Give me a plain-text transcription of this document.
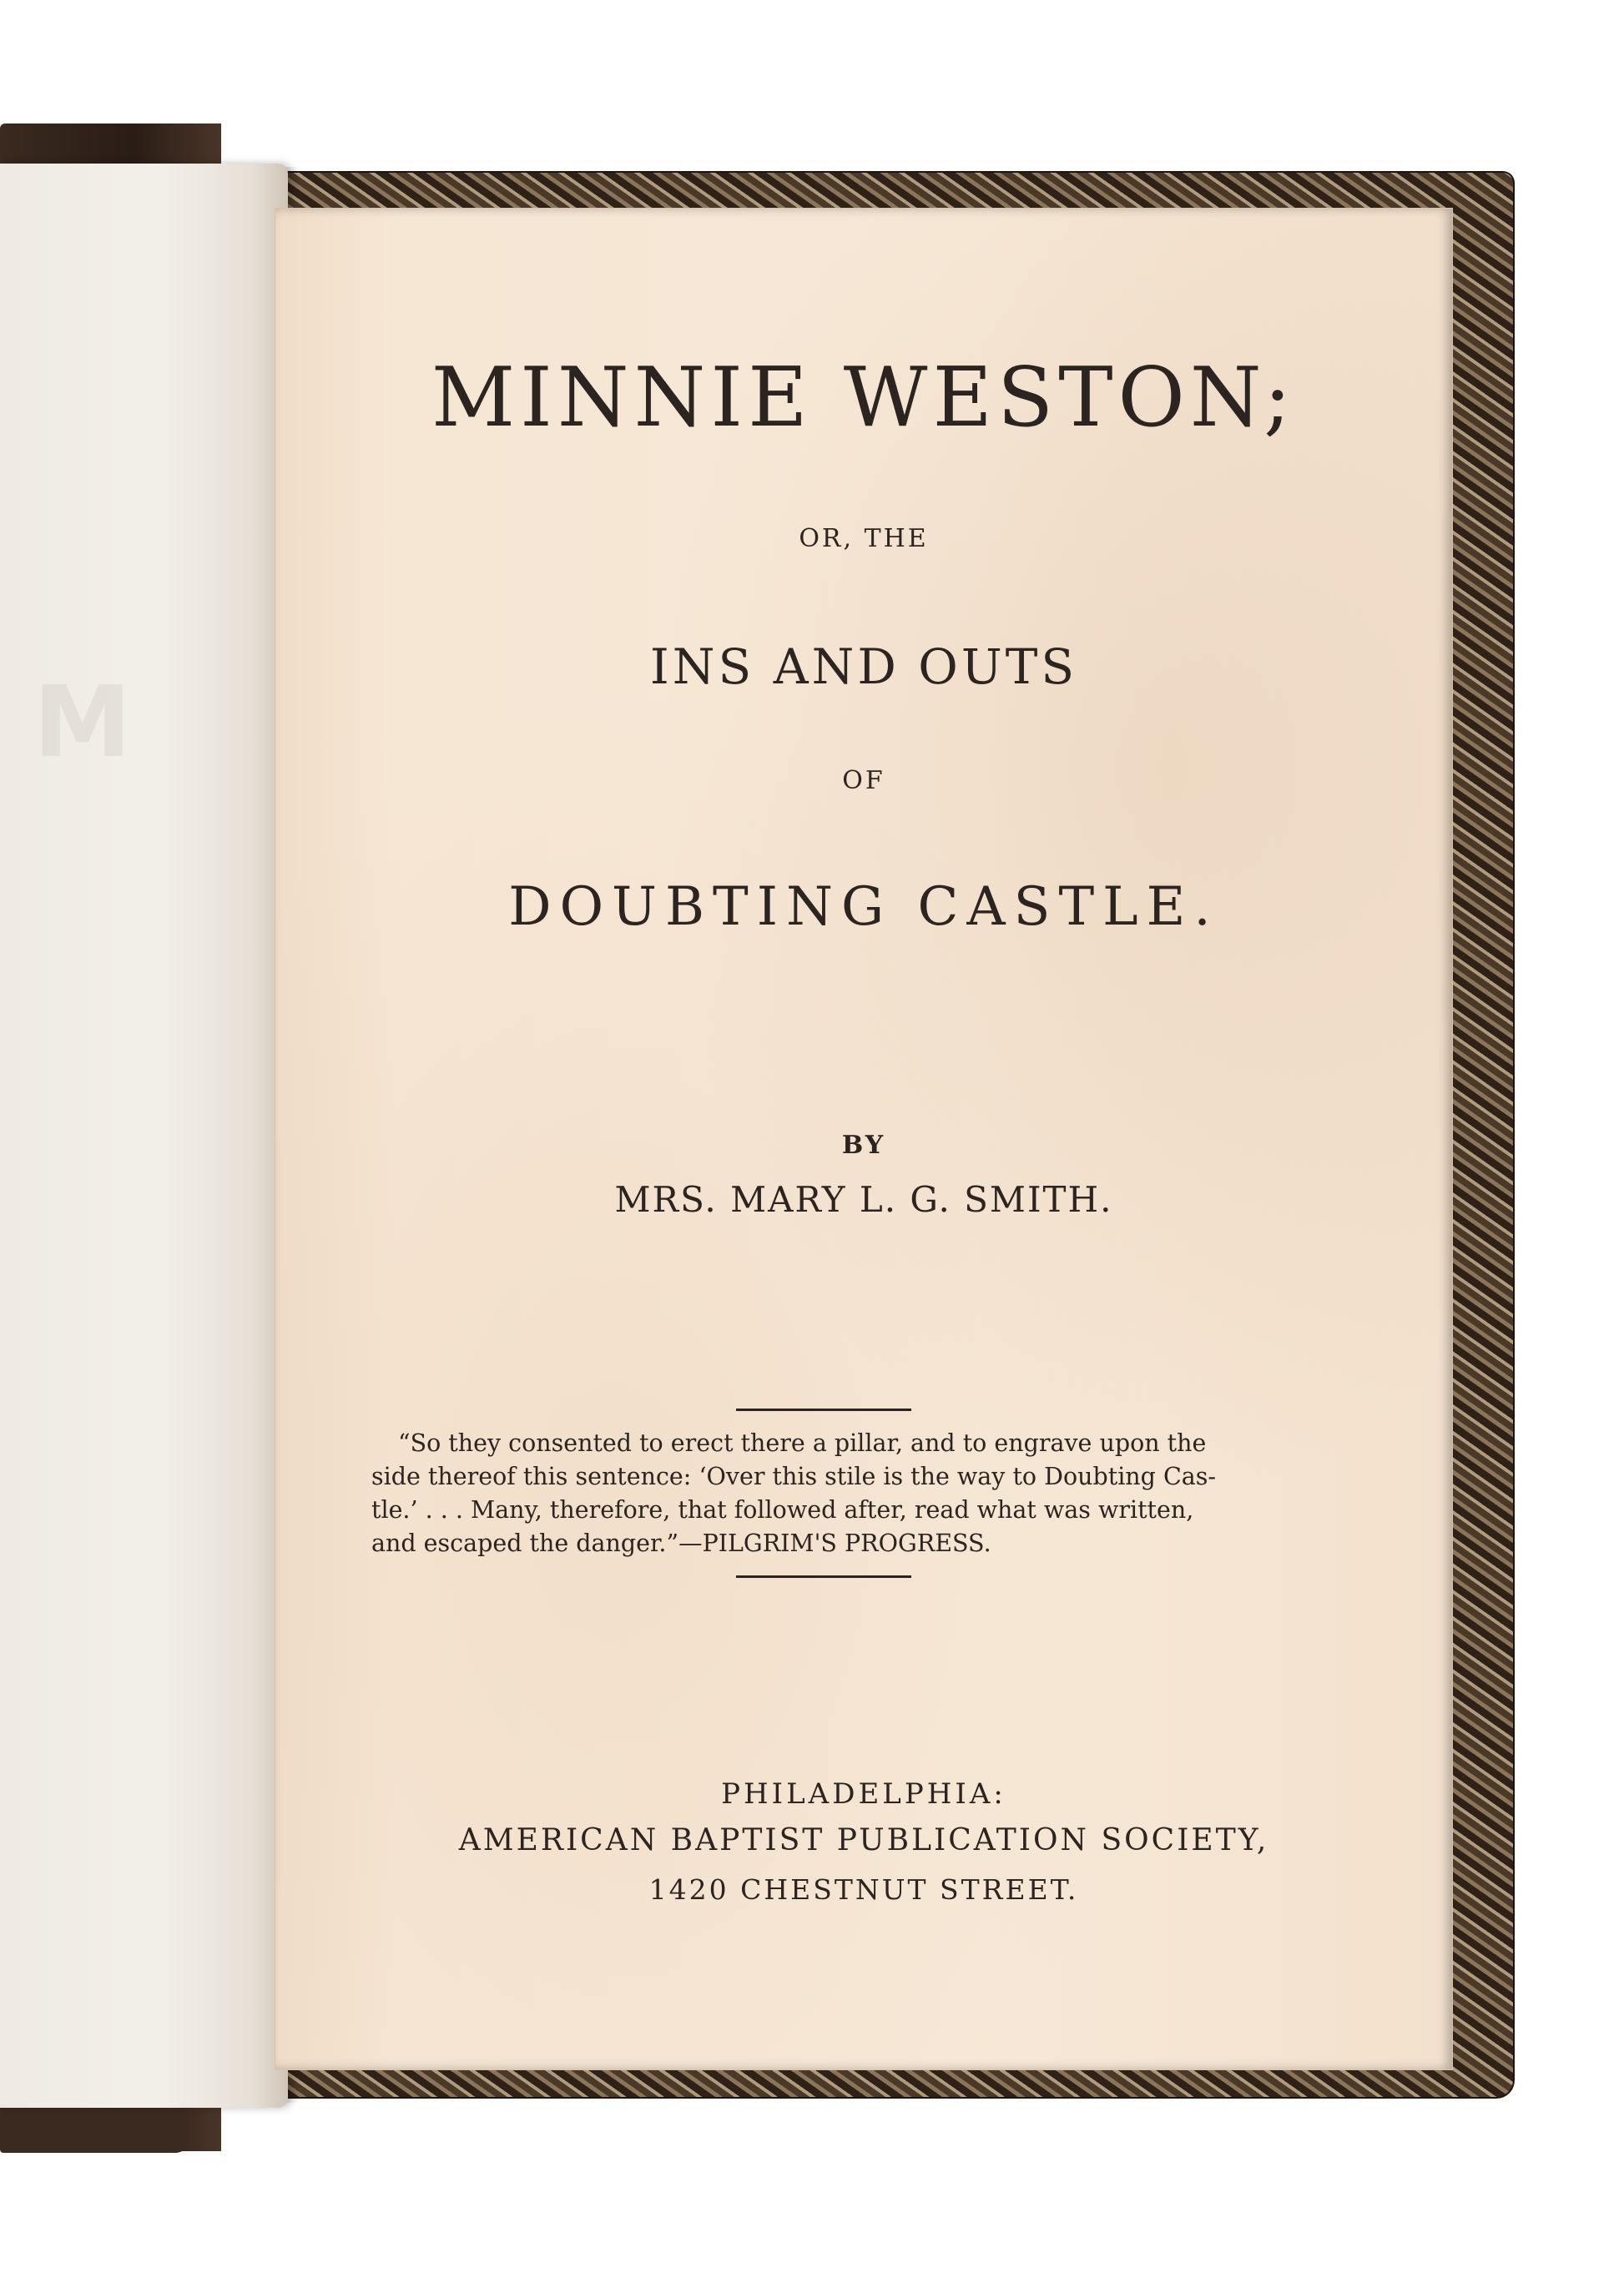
M
MINNIE WESTON;
OR, THE
INS AND OUTS
OF
DOUBTING CASTLE.
BY
MRS. MARY L. G. SMITH.

“So they consented to erect there a pillar, and to engrave upon the

side thereof this sentence: ‘Over this stile is the way to Doubting Cas-

tle.’ . . . Many, therefore, that followed after, read what was written,

and escaped the danger.”—PILGRIM'S PROGRESS.

PHILADELPHIA:
AMERICAN BAPTIST PUBLICATION SOCIETY,
1420 CHESTNUT STREET.
